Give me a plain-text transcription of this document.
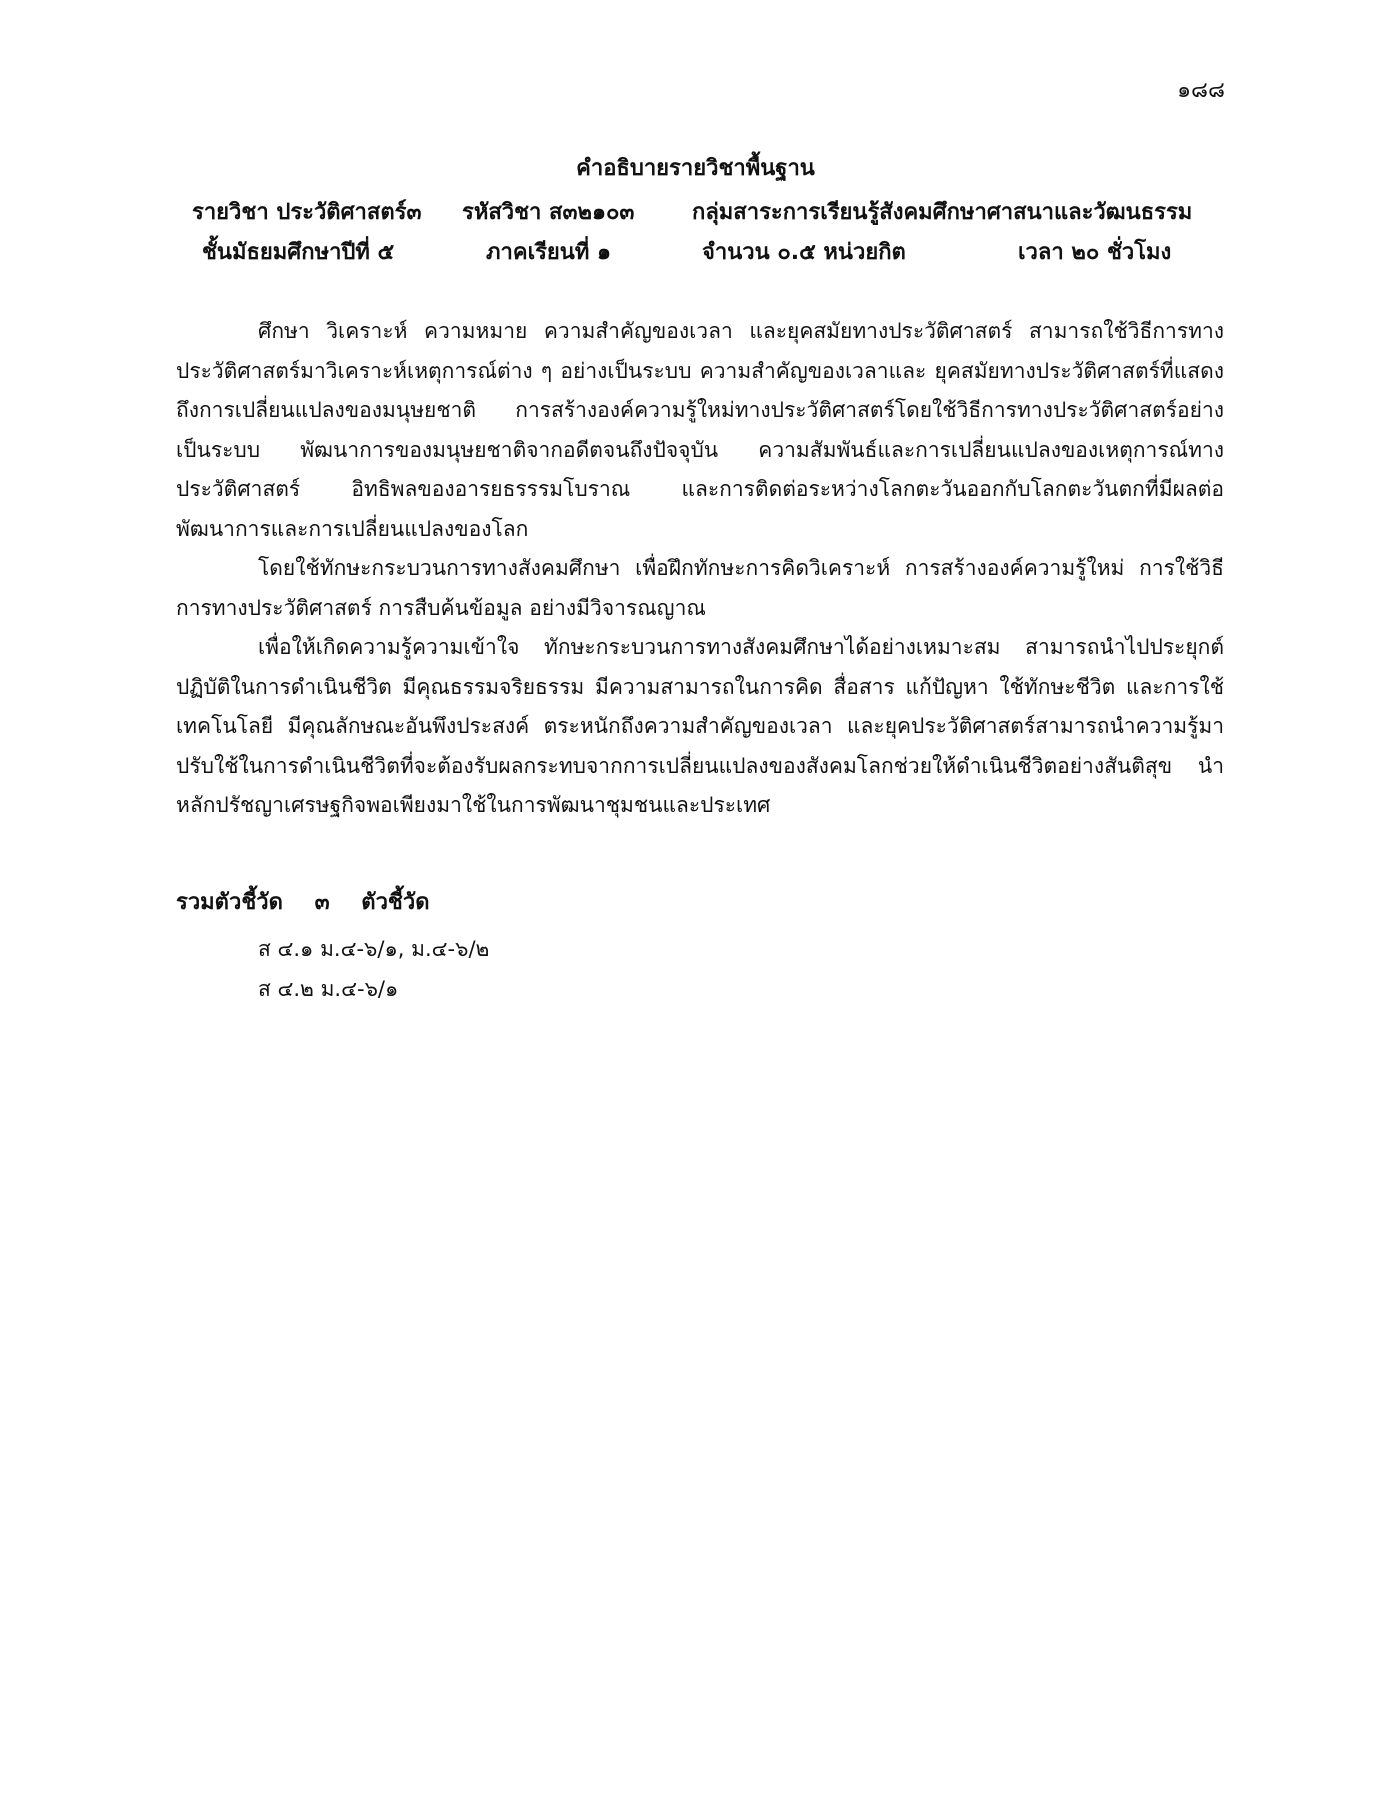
๑๘๘
คำอธิบายรายวิชาพื้นฐาน
รายวิชา ประวัติศาสตร์๓ รหัสวิชา ส๓๒๑๐๓	กลุ่มสาระการเรียนรู้สังคมศึกษาศาสนาและวัฒนธรรม
ชั้นมัธยมศึกษาปีที่ ๕	ภาคเรียนที่ ๑	จำนวน ๐.๕ หน่วยกิต	เวลา ๒๐ ชั่วโมง

ศึกษา วิเคราะห์ ความหมาย ความสำคัญของเวลา และยุคสมัยทางประวัติศาสตร์ สามารถใช้วิธีการทางประวัติศาสตร์มาวิเคราะห์เหตุการณ์ต่าง ๆ อย่างเป็นระบบ ความสำคัญของเวลาและ ยุคสมัยทางประวัติศาสตร์ที่แสดงถึงการเปลี่ยนแปลงของมนุษยชาติ การสร้างองค์ความรู้ใหม่ทางประวัติศาสตร์โดยใช้วิธีการทางประวัติศาสตร์อย่างเป็นระบบ พัฒนาการของมนุษยชาติจากอดีตจนถึงปัจจุบัน ความสัมพันธ์และการเปลี่ยนแปลงของเหตุการณ์ทางประวัติศาสตร์ อิทธิพลของอารยธรรรมโบราณ และการติดต่อระหว่างโลกตะวันออกกับโลกตะวันตกที่มีผลต่อพัฒนาการและการเปลี่ยนแปลงของโลก

โดยใช้ทักษะกระบวนการทางสังคมศึกษา เพื่อฝึกทักษะการคิดวิเคราะห์ การสร้างองค์ความรู้ใหม่ การใช้วิธีการทางประวัติศาสตร์ การสืบค้นข้อมูล อย่างมีวิจารณญาณ

เพื่อให้เกิดความรู้ความเข้าใจ ทักษะกระบวนการทางสังคมศึกษาได้อย่างเหมาะสม สามารถนำไปประยุกต์ปฏิบัติในการดำเนินชีวิต มีคุณธรรมจริยธรรม มีความสามารถในการคิด สื่อสาร แก้ปัญหา ใช้ทักษะชีวิต และการใช้เทคโนโลยี มีคุณลักษณะอันพึงประสงค์ ตระหนักถึงความสำคัญของเวลา และยุคประวัติศาสตร์สามารถนำความรู้มาปรับใช้ในการดำเนินชีวิตที่จะต้องรับผลกระทบจากการเปลี่ยนแปลงของสังคมโลกช่วยให้ดำเนินชีวิตอย่างสันติสุข นำหลักปรัชญาเศรษฐกิจพอเพียงมาใช้ในการพัฒนาชุมชนและประเทศ

รวมตัวชี้วัด ๓ ตัวชี้วัด
ส ๔.๑ ม.๔-๖/๑, ม.๔-๖/๒
ส ๔.๒ ม.๔-๖/๑
